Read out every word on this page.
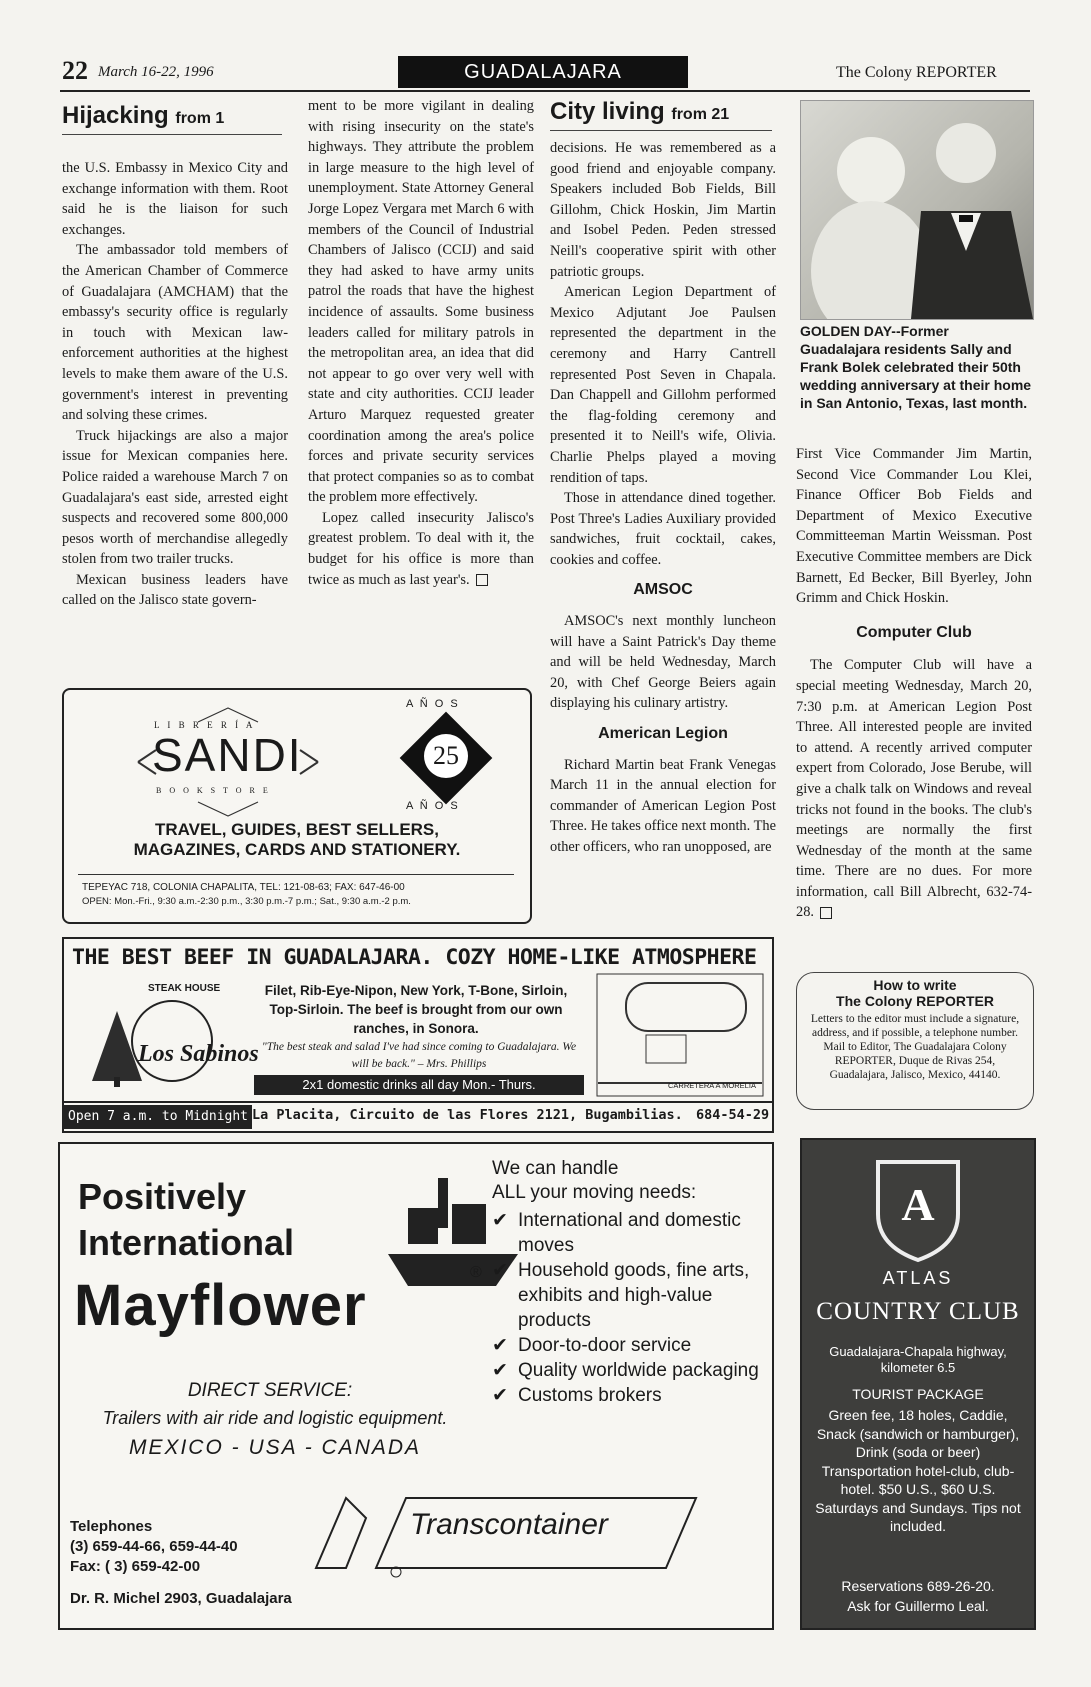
22 March 16-22, 1996	GUADALAJARA	The Colony REPORTER
Hijacking from 1

the U.S. Embassy in Mexico City and exchange information with them. Root said he is the liaison for such exchanges.

The ambassador told members of the American Chamber of Commerce of Guadalajara (AMCHAM) that the embassy's security office is regularly in touch with Mexican law-enforcement authorities at the highest levels to make them aware of the U.S. government's interest in preventing and solving these crimes.

Truck hijackings are also a major issue for Mexican companies here. Police raided a warehouse March 7 on Guadalajara's east side, arrested eight suspects and recovered some 800,000 pesos worth of merchandise allegedly stolen from two trailer trucks.

Mexican business leaders have called on the Jalisco state govern-

ment to be more vigilant in dealing with rising insecurity on the state's highways. They attribute the problem in large measure to the high level of unemployment. State Attorney General Jorge Lopez Vergara met March 6 with members of the Council of Industrial Chambers of Jalisco (CCIJ) and said they had asked to have army units patrol the roads that have the highest incidence of assaults. Some business leaders called for military patrols in the metropolitan area, an idea that did not appear to go over very well with state and city authorities. CCIJ leader Arturo Marquez requested greater coordination among the area's police forces and private security services that protect companies so as to combat the problem more effectively.

Lopez called insecurity Jalisco's greatest problem. To deal with it, the budget for his office is more than twice as much as last year's.

City living from 21

decisions. He was remembered as a good friend and enjoyable company. Speakers included Bob Fields, Bill Gillohm, Chick Hoskin, Jim Martin and Isobel Peden. Peden stressed Neill's cooperative spirit with other patriotic groups.

American Legion Department of Mexico Adjutant Joe Paulsen represented the department in the ceremony and Harry Cantrell represented Post Seven in Chapala. Dan Chappell and Gillohm performed the flag-folding ceremony and presented it to Neill's wife, Olivia. Charlie Phelps played a moving rendition of taps.

Those in attendance dined together. Post Three's Ladies Auxiliary provided sandwiches, fruit cocktail, cakes, cookies and coffee.

AMSOC

AMSOC's next monthly luncheon will have a Saint Patrick's Day theme and will be held Wednesday, March 20, with Chef George Beiers again displaying his culinary artistry.

American Legion

Richard Martin beat Frank Venegas March 11 in the annual election for commander of American Legion Post Three. He takes office next month. The other officers, who ran unopposed, are

GOLDEN DAY--Former Guadalajara residents Sally and Frank Bolek celebrated their 50th wedding anniversary at their home in San Antonio, Texas, last month.

First Vice Commander Jim Martin, Second Vice Commander Lou Klei, Finance Officer Bob Fields and Department of Mexico Executive Committeeman Martin Weissman. Post Executive Committee members are Dick Barnett, Ed Becker, Bill Byerley, John Grimm and Chick Hoskin.

Computer Club

The Computer Club will have a special meeting Wednesday, March 20, 7:30 p.m. at American Legion Post Three. All interested people are invited to attend. A recently arrived computer expert from Colorado, Jose Berube, will give a chalk talk on Windows and reveal tricks not found in the books. The club's meetings are normally the first Wednesday of the month at the same time. There are no dues. For more information, call Bill Albrecht, 632-74-28.

How to write
The Colony REPORTER
Letters to the editor must include a signature, address, and if possible, a telephone number. Mail to Editor, The Guadalajara Colony REPORTER, Duque de Rivas 254, Guadalajara, Jalisco, Mexico, 44140.
L I B R E R Í A
SANDI
B O O K S T O R E
A Ñ O S
25
A Ñ O S
TRAVEL, GUIDES, BEST SELLERS,
MAGAZINES, CARDS AND STATIONERY.
TEPEYAC 718, COLONIA CHAPALITA, TEL: 121-08-63; FAX: 647-46-00
OPEN: Mon.-Fri., 9:30 a.m.-2:30 p.m., 3:30 p.m.-7 p.m.; Sat., 9:30 a.m.-2 p.m.
THE BEST BEEF IN GUADALAJARA. COZY HOME-LIKE ATMOSPHERE
STEAK HOUSE
Los Sabinos
Filet, Rib-Eye-Nipon, New York, T-Bone, Sirloin, Top-Sirloin. The beef is brought from our own ranches, in Sonora.
"The best steak and salad I've had since coming to Guadalajara. We will be back." – Mrs. Phillips
2x1 domestic drinks all day Mon.- Thurs.	CARRETERA A MORELIA
Open 7 a.m. to Midnight La Placita, Circuito de las Flores 2121, Bugambilias. 684-54-29
Positively
International
Mayflower
®
We can handle
ALL your moving needs:
✔ International and domestic moves
✔ Household goods, fine arts, exhibits and high-value products
✔ Door-to-door service
✔ Quality worldwide packaging
✔ Customs brokers
DIRECT SERVICE:
Trailers with air ride and logistic equipment.
MEXICO - USA - CANADA
Transcontainer
Telephones
(3) 659-44-66, 659-44-40
Fax: ( 3) 659-42-00
Dr. R. Michel 2903, Guadalajara
A
ATLAS
COUNTRY CLUB
Guadalajara-Chapala highway, kilometer 6.5
TOURIST PACKAGE
Green fee, 18 holes, Caddie, Snack (sandwich or hamburger), Drink (soda or beer) Transportation hotel-club, club-hotel. $50 U.S., $60 U.S. Saturdays and Sundays. Tips not included.
Reservations 689-26-20.
Ask for Guillermo Leal.
